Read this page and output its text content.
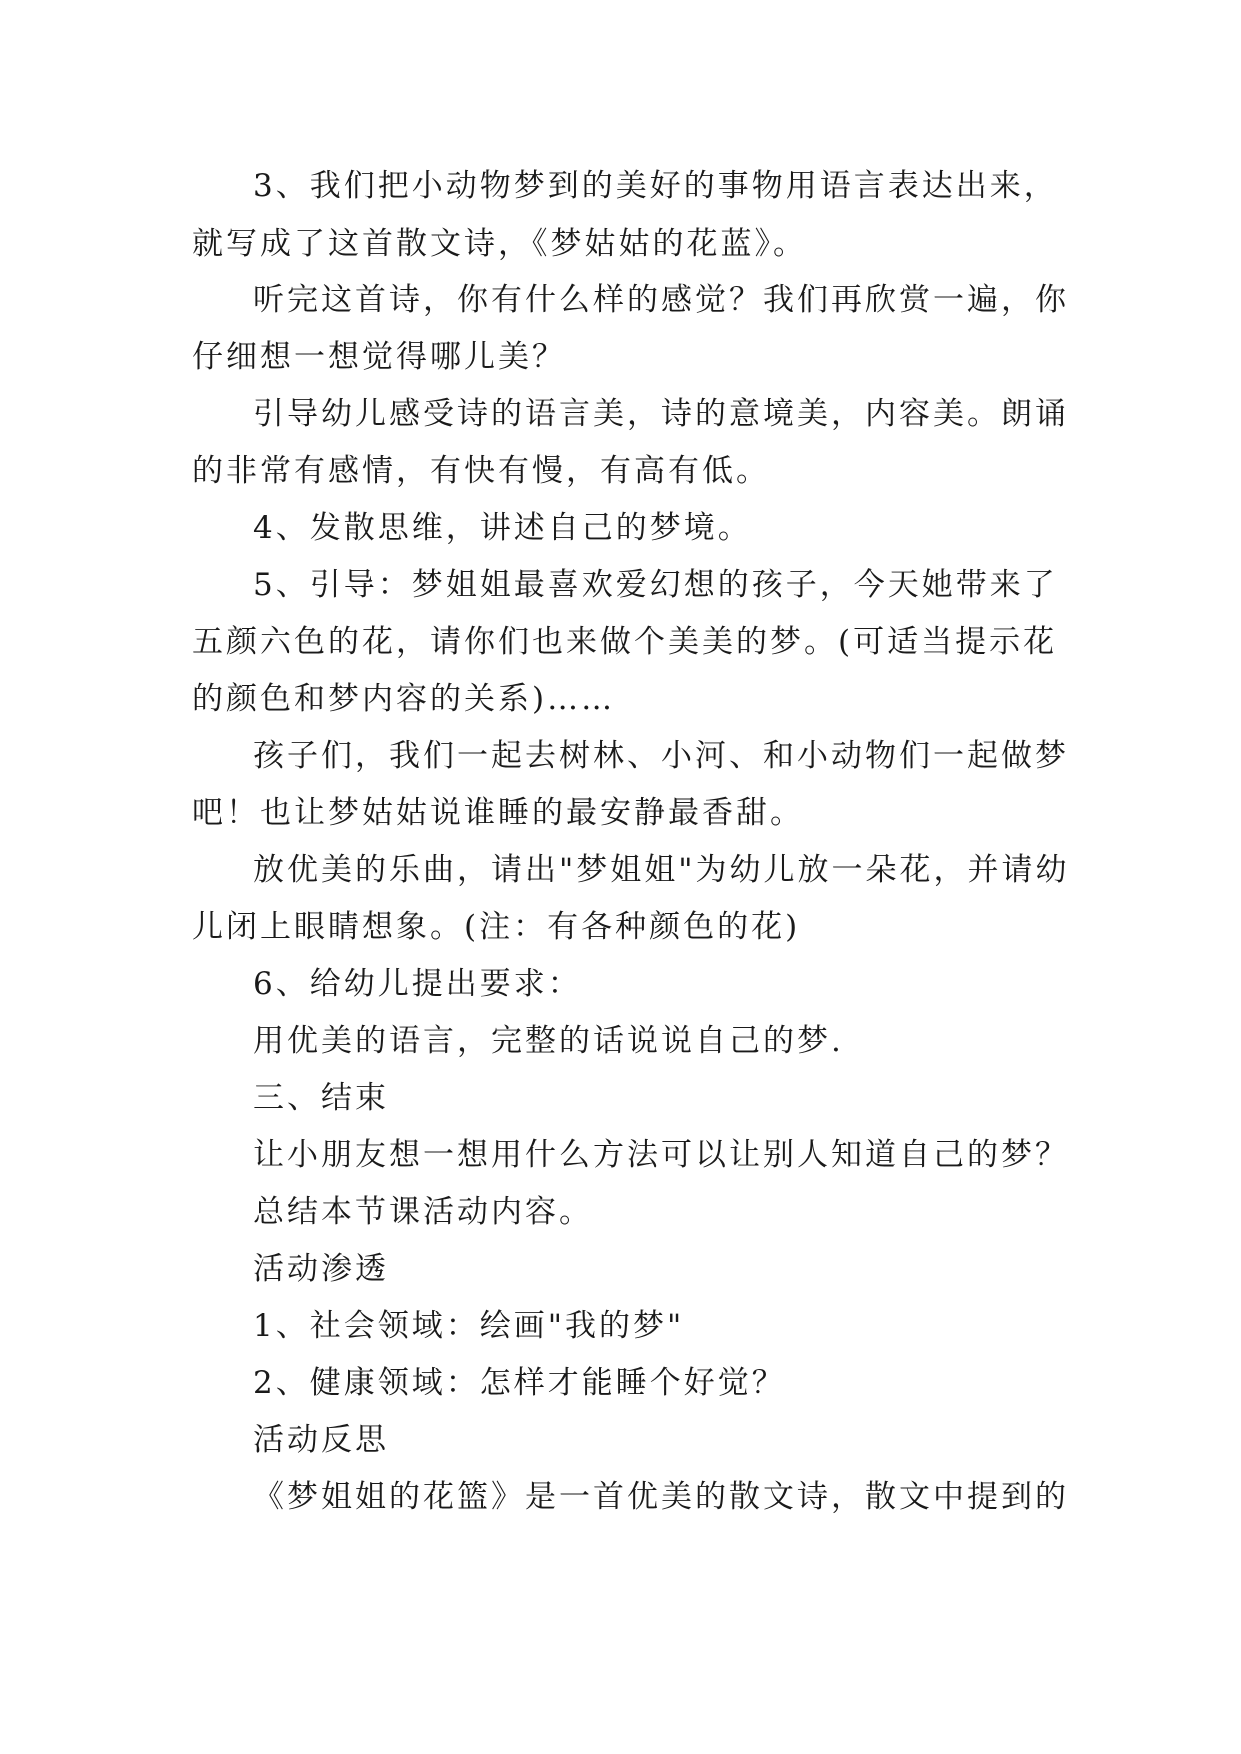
3、我们把小动物梦到的美好的事物用语言表达出来，
就写成了这首散文诗，《梦姑姑的花蓝》。
听完这首诗，你有什么样的感觉？我们再欣赏一遍，你
仔细想一想觉得哪儿美？
引导幼儿感受诗的语言美，诗的意境美，内容美。朗诵
的非常有感情，有快有慢，有高有低。
4、发散思维，讲述自己的梦境。
5、引导：梦姐姐最喜欢爱幻想的孩子，今天她带来了
五颜六色的花，请你们也来做个美美的梦。(可适当提示花
的颜色和梦内容的关系)……
孩子们，我们一起去树林、小河、和小动物们一起做梦
吧！也让梦姑姑说谁睡的最安静最香甜。
放优美的乐曲，请出"梦姐姐"为幼儿放一朵花，并请幼
儿闭上眼睛想象。(注：有各种颜色的花)
6、给幼儿提出要求：
用优美的语言，完整的话说说自己的梦.
三、结束
让小朋友想一想用什么方法可以让别人知道自己的梦？
总结本节课活动内容。
活动渗透
1、社会领域：绘画"我的梦"
2、健康领域：怎样才能睡个好觉？
活动反思
《梦姐姐的花篮》是一首优美的散文诗，散文中提到的
